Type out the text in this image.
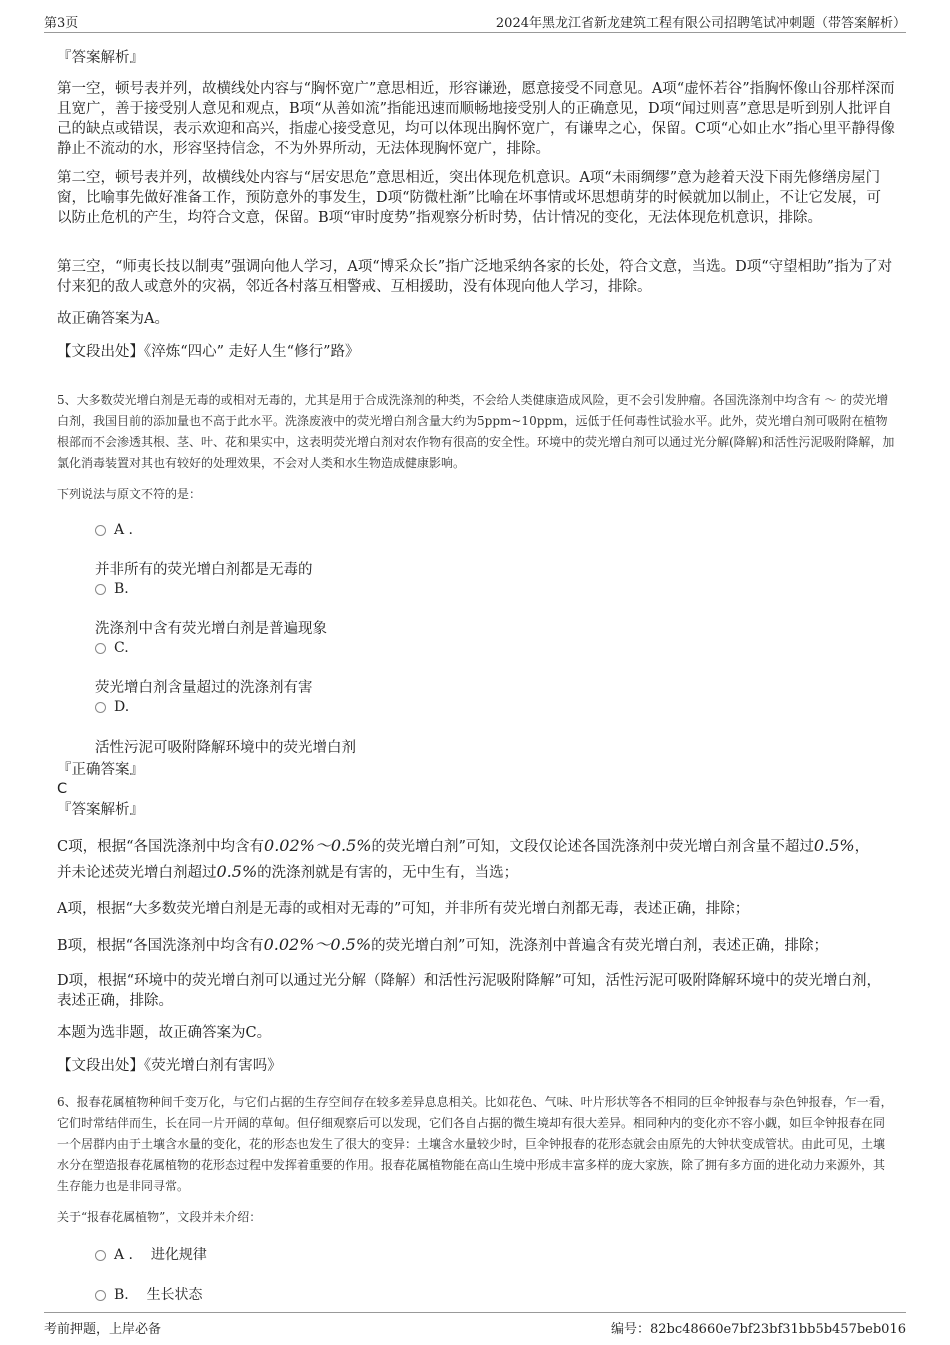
第3页	2024年黑龙江省新龙建筑工程有限公司招聘笔试冲刺题（带答案解析）

『答案解析』

第一空，顿号表并列，故横线处内容与“胸怀宽广”意思相近，形容谦逊，愿意接受不同意见。A项“虚怀若谷”指胸怀像山谷那样深而且宽广，善于接受别人意见和观点，B项“从善如流”指能迅速而顺畅地接受别人的正确意见，D项“闻过则喜”意思是听到别人批评自己的缺点或错误，表示欢迎和高兴，指虚心接受意见，均可以体现出胸怀宽广，有谦卑之心，保留。C项“心如止水”指心里平静得像静止不流动的水，形容坚持信念，不为外界所动，无法体现胸怀宽广，排除。

第二空，顿号表并列，故横线处内容与“居安思危”意思相近，突出体现危机意识。A项“未雨绸缪”意为趁着天没下雨先修缮房屋门窗，比喻事先做好准备工作，预防意外的事发生，D项“防微杜渐”比喻在坏事情或坏思想萌芽的时候就加以制止，不让它发展，可以防止危机的产生，均符合文意，保留。B项“审时度势”指观察分析时势，估计情况的变化，无法体现危机意识，排除。

第三空，“师夷长技以制夷”强调向他人学习，A项“博采众长”指广泛地采纳各家的长处，符合文意，当选。D项“守望相助”指为了对付来犯的敌人或意外的灾祸，邻近各村落互相警戒、互相援助，没有体现向他人学习，排除。

故正确答案为A。

【文段出处】《淬炼“四心” 走好人生“修行”路》

5、大多数荧光增白剂是无毒的或相对无毒的，尤其是用于合成洗涤剂的种类，不会给人类健康造成风险，更不会引发肿瘤。各国洗涤剂中均含有 ～ 的荧光增白剂，我国目前的添加量也不高于此水平。洗涤废液中的荧光增白剂含量大约为5ppm~10ppm，远低于任何毒性试验水平。此外，荧光增白剂可吸附在植物根部而不会渗透其根、茎、叶、花和果实中，这表明荧光增白剂对农作物有很高的安全性。环境中的荧光增白剂可以通过光分解(降解)和活性污泥吸附降解，加氯化消毒装置对其也有较好的处理效果，不会对人类和水生物造成健康影响。

下列说法与原文不符的是：

A .
并非所有的荧光增白剂都是无毒的
B.
洗涤剂中含有荧光增白剂是普遍现象
C.
荧光增白剂含量超过的洗涤剂有害
D.
活性污泥可吸附降解环境中的荧光增白剂

『正确答案』

C

『答案解析』

C项，根据“各国洗涤剂中均含有0.02%～0.5%的荧光增白剂”可知，文段仅论述各国洗涤剂中荧光增白剂含量不超过0.5%，

并未论述荧光增白剂超过0.5%的洗涤剂就是有害的，无中生有，当选；

A项，根据“大多数荧光增白剂是无毒的或相对无毒的”可知，并非所有荧光增白剂都无毒，表述正确，排除；

B项，根据“各国洗涤剂中均含有0.02%～0.5%的荧光增白剂”可知，洗涤剂中普遍含有荧光增白剂，表述正确，排除；

D项，根据“环境中的荧光增白剂可以通过光分解（降解）和活性污泥吸附降解”可知，活性污泥可吸附降解环境中的荧光增白剂，表述正确，排除。

本题为选非题，故正确答案为C。

【文段出处】《荧光增白剂有害吗》

6、报春花属植物种间千变万化，与它们占据的生存空间存在较多差异息息相关。比如花色、气味、叶片形状等各不相同的巨伞钟报春与杂色钟报春，乍一看，它们时常结伴而生，长在同一片开阔的草甸。但仔细观察后可以发现，它们各自占据的微生境却有很大差异。相同种内的变化亦不容小觑，如巨伞钟报春在同一个居群内由于土壤含水量的变化，花的形态也发生了很大的变异：土壤含水量较少时，巨伞钟报春的花形态就会由原先的大钟状变成管状。由此可见，土壤水分在塑造报春花属植物的花形态过程中发挥着重要的作用。报春花属植物能在高山生境中形成丰富多样的庞大家族，除了拥有多方面的进化动力来源外，其生存能力也是非同寻常。

关于“报春花属植物”，文段并未介绍：

A . 进化规律
B. 生长状态
考前押题，上岸必备	编号：82bc48660e7bf23bf31bb5b457beb016
